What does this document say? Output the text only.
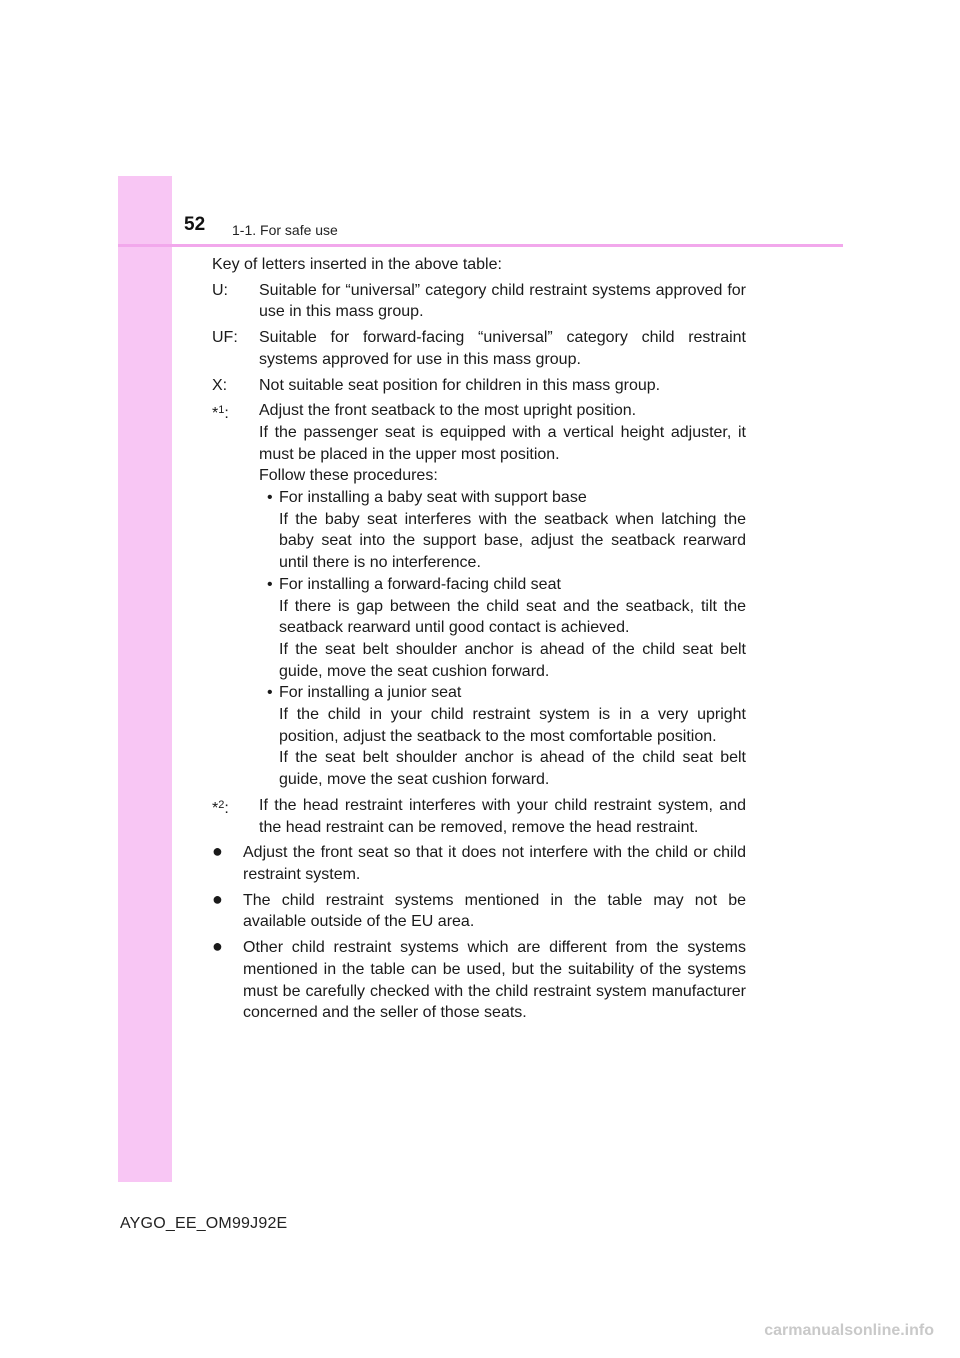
52 1-1. For safe use

Key of letters inserted in the above table:

U: Suitable for “universal” category child restraint systems approved for use in this mass group.
UF: Suitable for forward-facing “universal” category child restraint systems approved for use in this mass group.
X: Not suitable seat position for children in this mass group.
*$^1$: Adjust the front seatback to the most upright position.
If the passenger seat is equipped with a vertical height adjuster, it must be placed in the upper most position.
Follow these procedures:
• For installing a baby seat with support base
If the baby seat interferes with the seatback when latching the baby seat into the support base, adjust the seatback rearward until there is no interference.
• For installing a forward-facing child seat
If there is gap between the child seat and the seatback, tilt the seatback rearward until good contact is achieved.
If the seat belt shoulder anchor is ahead of the child seat belt guide, move the seat cushion forward.
• For installing a junior seat
If the child in your child restraint system is in a very upright position, adjust the seatback to the most comfortable position.
If the seat belt shoulder anchor is ahead of the child seat belt guide, move the seat cushion forward.
*$^2$: If the head restraint interferes with your child restraint system, and the head restraint can be removed, remove the head restraint.
● Adjust the front seat so that it does not interfere with the child or child restraint system.
● The child restraint systems mentioned in the table may not be available outside of the EU area.
● Other child restraint systems which are different from the systems mentioned in the table can be used, but the suitability of the systems must be carefully checked with the child restraint system manufacturer concerned and the seller of those seats.
AYGO_EE_OM99J92E
carmanualsonline.info
